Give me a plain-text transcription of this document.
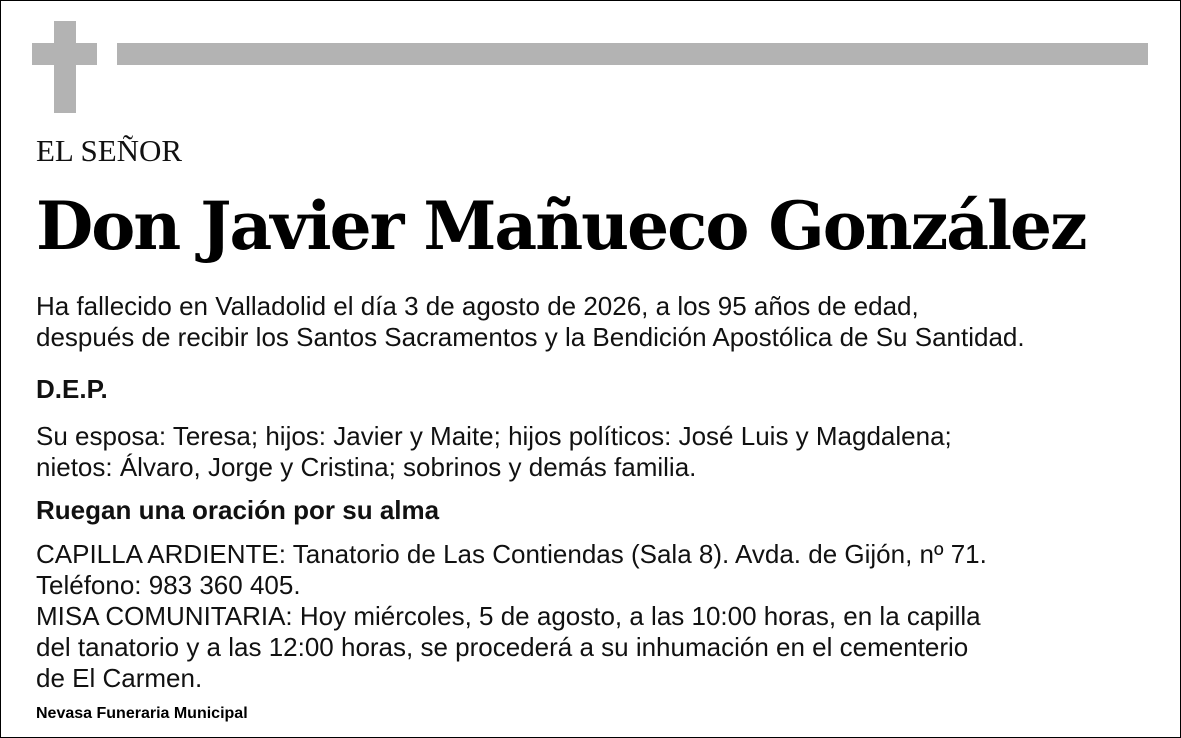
EL SEÑOR
Don Javier Mañueco González
Ha fallecido en Valladolid el día 3 de agosto de 2026, a los 95 años de edad,
después de recibir los Santos Sacramentos y la Bendición Apostólica de Su Santidad.
D.E.P.
Su esposa: Teresa; hijos: Javier y Maite; hijos políticos: José Luis y Magdalena;
nietos: Álvaro, Jorge y Cristina; sobrinos y demás familia.
Ruegan una oración por su alma
CAPILLA ARDIENTE: Tanatorio de Las Contiendas (Sala 8). Avda. de Gijón, nº 71.
Teléfono: 983 360 405.
MISA COMUNITARIA: Hoy miércoles, 5 de agosto, a las 10:00 horas, en la capilla
del tanatorio y a las 12:00 horas, se procederá a su inhumación en el cementerio
de El Carmen.
Nevasa Funeraria Municipal
